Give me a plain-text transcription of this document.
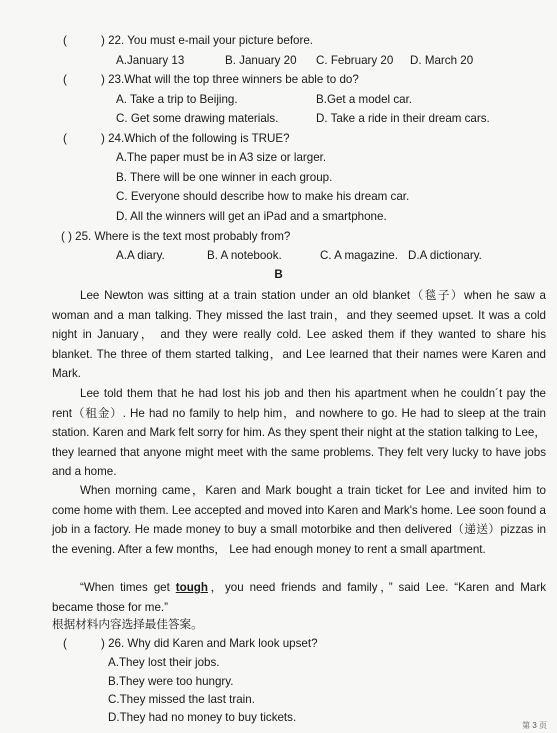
(	) 22. You must e-mail your picture before.
A.January 13	B. January 20 C. February 20 D. March 20
(	) 23.What will the top three winners be able to do?
A. Take a trip to Beijing.	B.Get a model car.
C. Get some drawing materials.	D. Take a ride in their dream cars.
(	) 24.Which of the following is TRUE?
A.The paper must be in A3 size or larger.
B. There will be one winner in each group.
C. Everyone should describe how to make his dream car.
D. All the winners will get an iPad and a smartphone.
( ) 25. Where is the text most probably from?
A.A diary.	B. A notebook.	C. A magazine. D.A dictionary.
B
Lee Newton was sitting at a train station under an old blanket（毯子）when he saw a woman and a man talking. They missed the last train，and they seemed upset. It was a cold night in January， and they were really cold. Lee asked them if they wanted to share his blanket. The three of them started talking，and Lee learned that their names were Karen and Mark.
Lee told them that he had lost his job and then his apartment when he couldn´t pay the rent（租金）. He had no family to help him，and nowhere to go. He had to sleep at the train station. Karen and Mark felt sorry for him. As they spent their night at the station talking to Lee， they learned that anyone might meet with the same problems. They felt very lucky to have jobs and a home.
When morning came，Karen and Mark bought a train ticket for Lee and invited him to come home with them. Lee accepted and moved into Karen and Mark's home. Lee soon found a job in a factory. He made money to buy a small motorbike and then delivered（递送）pizzas in the evening. After a few months， Lee had enough money to rent a small apartment.
“When times get tough，you need friends and family，” said Lee. “Karen and Mark became those for me.”
根据材料内容选择最佳答案。
(	) 26. Why did Karen and Mark look upset?
A.They lost their jobs.
B.They were too hungry.
C.They missed the last train.
D.They had no money to buy tickets.
第 3 页
